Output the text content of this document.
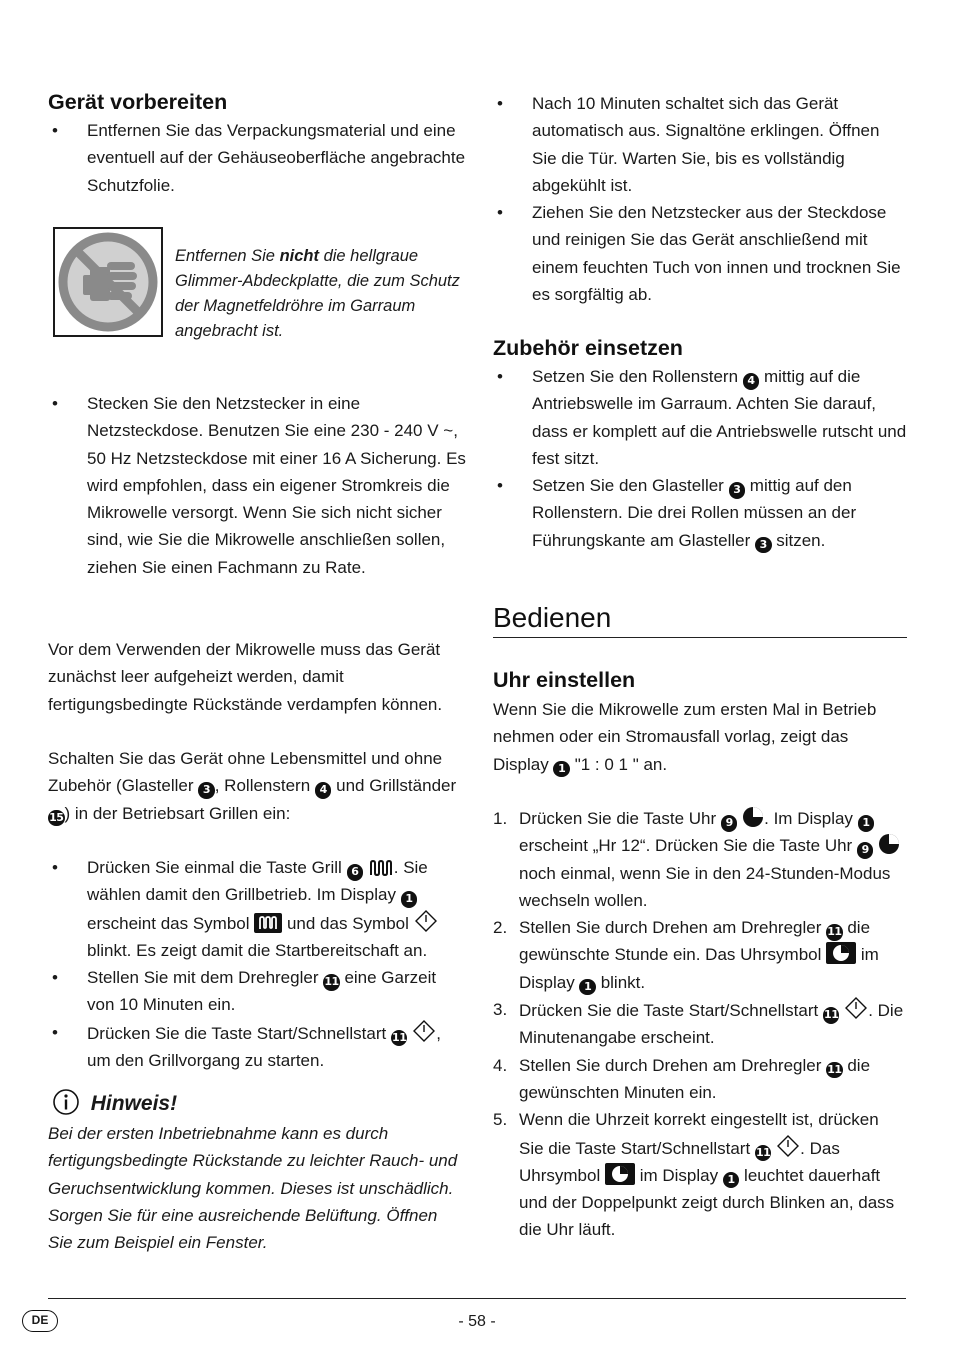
Gerät vorbereiten
• Entfernen Sie das Verpackungsmaterial und eine eventuell auf der Gehäuseoberfläche angebrachte Schutzfolie.

Entfernen Sie nicht die hellgraue Glimmer-Abdeckplatte, die zum Schutz der Magnetfeldröhre im Garraum angebracht ist.

• Stecken Sie den Netzstecker in eine Netzsteckdose. Benutzen Sie eine 230 - 240 V ~, 50 Hz Netzsteckdose mit einer 16 A Sicherung. Es wird empfohlen, dass ein eigener Stromkreis die Mikrowelle versorgt. Wenn Sie sich nicht sicher sind, wie Sie die Mikrowelle anschließen sollen, ziehen Sie einen Fachmann zu Rate.

Vor dem Verwenden der Mikrowelle muss das Gerät zunächst leer aufgeheizt werden, damit fertigungsbedingte Rückstände verdampfen können.

Schalten Sie das Gerät ohne Lebensmittel und ohne Zubehör (Glasteller 3 , Rollenstern 4 und Grillständer 15) in der Betriebsart Grillen ein:

• Drücken Sie einmal die Taste Grill 6 . Sie wählen damit den Grillbetrieb. Im Display 1 erscheint das Symbol  und das Symbol  blinkt. Es zeigt damit die Startbereitschaft an.
• Stellen Sie mit dem Drehregler 11 eine Garzeit von 10 Minuten ein.
• Drücken Sie die Taste Start/Schnellstart 11 , um den Grillvorgang zu starten.
Hinweis!

Bei der ersten Inbetriebnahme kann es durch fertigungsbedingte Rückstande zu leichter Rauch- und Geruchsentwicklung kommen. Dieses ist unschädlich. Sorgen Sie für eine ausreichende Belüftung. Öffnen Sie zum Beispiel ein Fenster.

• Nach 10 Minuten schaltet sich das Gerät automatisch aus. Signaltöne erklingen. Öffnen Sie die Tür. Warten Sie, bis es vollständig abgekühlt ist.
• Ziehen Sie den Netzstecker aus der Steckdose und reinigen Sie das Gerät anschließend mit einem feuchten Tuch von innen und trocknen Sie es sorgfältig ab.
Zubehör einsetzen
• Setzen Sie den Rollenstern 4 mittig auf die Antriebswelle im Garraum. Achten Sie darauf, dass er komplett auf die Antriebswelle rutscht und fest sitzt.
• Setzen Sie den Glasteller 3 mittig auf den Rollenstern. Die drei Rollen müssen an der Führungskante am Glasteller 3 sitzen.
Bedienen
Uhr einstellen

Wenn Sie die Mikrowelle zum ersten Mal in Betrieb nehmen oder ein Stromausfall vorlag, zeigt das Display 1 "1 : 0 1 " an.

1. Drücken Sie die Taste Uhr 9 . Im Display 1 erscheint „Hr 12“. Drücken Sie die Taste Uhr 9  noch einmal, wenn Sie in den 24-Stunden-Modus wechseln wollen.
2. Stellen Sie durch Drehen am Drehregler 11 die gewünschte Stunde ein. Das Uhrsymbol  im Display 1 blinkt.
3. Drücken Sie die Taste Start/Schnellstart 11 . Die Minutenangabe erscheint.
4. Stellen Sie durch Drehen am Drehregler 11 die gewünschten Minuten ein.
5. Wenn die Uhrzeit korrekt eingestellt ist, drücken Sie die Taste Start/Schnellstart 11 . Das Uhrsymbol  im Display 1 leuchtet dauerhaft und der Doppelpunkt zeigt durch Blinken an, dass die Uhr läuft.
DE	- 58 -
